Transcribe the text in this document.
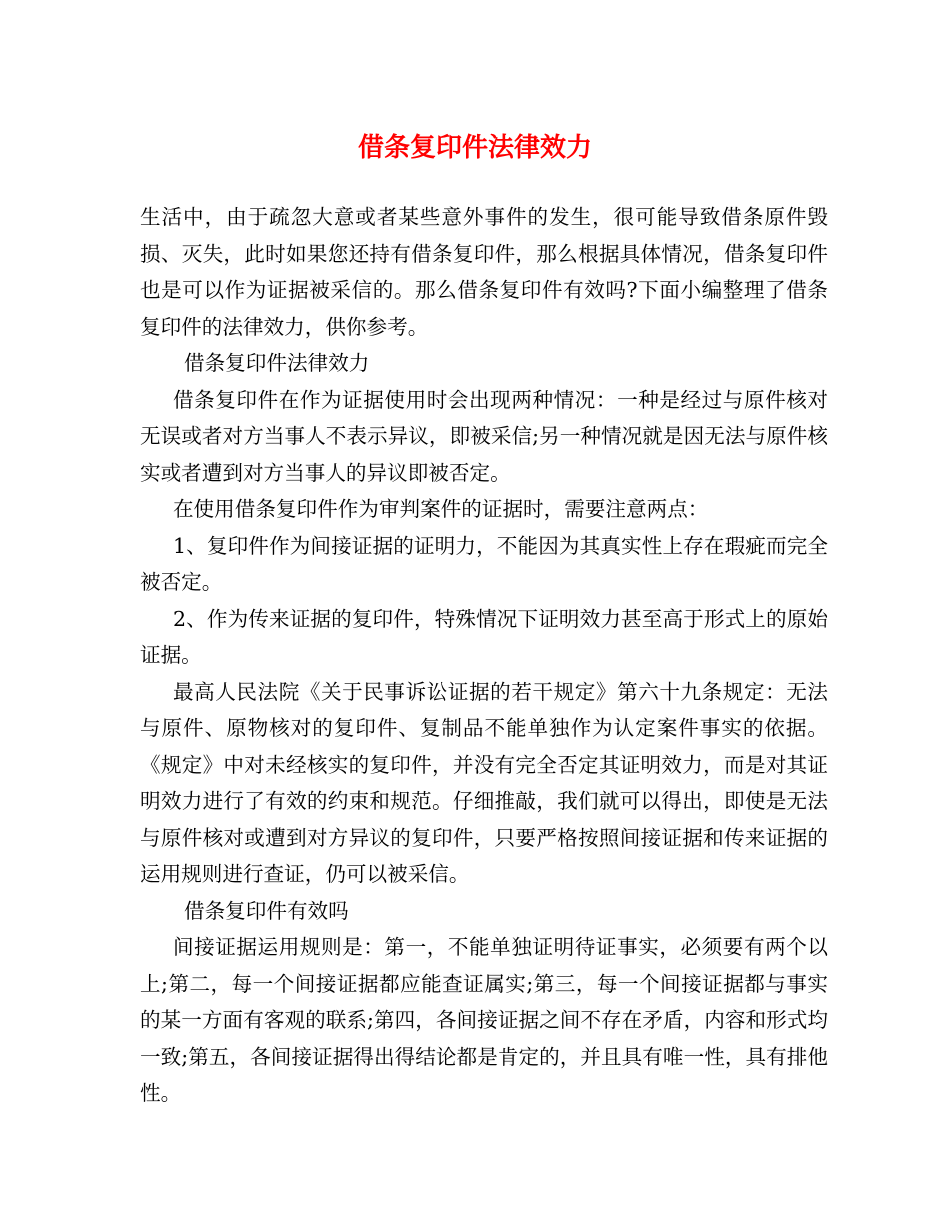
借条复印件法律效力

生活中，由于疏忽大意或者某些意外事件的发生，很可能导致借条原件毁损、灭失，此时如果您还持有借条复印件，那么根据具体情况，借条复印件也是可以作为证据被采信的。那么借条复印件有效吗?下面小编整理了借条复印件的法律效力，供你参考。

借条复印件法律效力

借条复印件在作为证据使用时会出现两种情况：一种是经过与原件核对无误或者对方当事人不表示异议，即被采信;另一种情况就是因无法与原件核实或者遭到对方当事人的异议即被否定。

在使用借条复印件作为审判案件的证据时，需要注意两点：

1、复印件作为间接证据的证明力，不能因为其真实性上存在瑕疵而完全被否定。

2、作为传来证据的复印件，特殊情况下证明效力甚至高于形式上的原始证据。

最高人民法院《关于民事诉讼证据的若干规定》第六十九条规定：无法与原件、原物核对的复印件、复制品不能单独作为认定案件事实的依据。《规定》中对未经核实的复印件，并没有完全否定其证明效力，而是对其证明效力进行了有效的约束和规范。仔细推敲，我们就可以得出，即使是无法与原件核对或遭到对方异议的复印件，只要严格按照间接证据和传来证据的运用规则进行查证，仍可以被采信。

借条复印件有效吗

间接证据运用规则是：第一，不能单独证明待证事实，必须要有两个以上;第二，每一个间接证据都应能查证属实;第三，每一个间接证据都与事实的某一方面有客观的联系;第四，各间接证据之间不存在矛盾，内容和形式均一致;第五，各间接证据得出得结论都是肯定的，并且具有唯一性，具有排他性。
